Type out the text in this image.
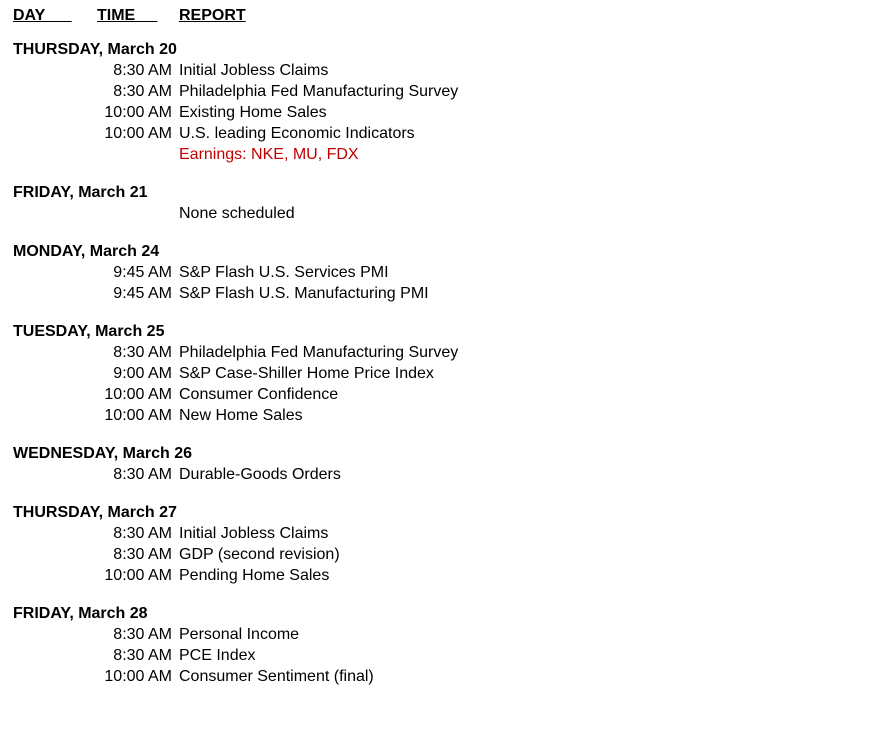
DAY TIME REPORT
THURSDAY, March 20
8:30 AM Initial Jobless Claims
8:30 AM Philadelphia Fed Manufacturing Survey
10:00 AM Existing Home Sales
10:00 AM U.S. leading Economic Indicators
Earnings: NKE, MU, FDX
FRIDAY, March 21
None scheduled
MONDAY, March 24
9:45 AM S&P Flash U.S. Services PMI
9:45 AM S&P Flash U.S. Manufacturing PMI
TUESDAY, March 25
8:30 AM Philadelphia Fed Manufacturing Survey
9:00 AM S&P Case-Shiller Home Price Index
10:00 AM Consumer Confidence
10:00 AM New Home Sales
WEDNESDAY, March 26
8:30 AM Durable-Goods Orders
THURSDAY, March 27
8:30 AM Initial Jobless Claims
8:30 AM GDP (second revision)
10:00 AM Pending Home Sales
FRIDAY, March 28
8:30 AM Personal Income
8:30 AM PCE Index
10:00 AM Consumer Sentiment (final)
